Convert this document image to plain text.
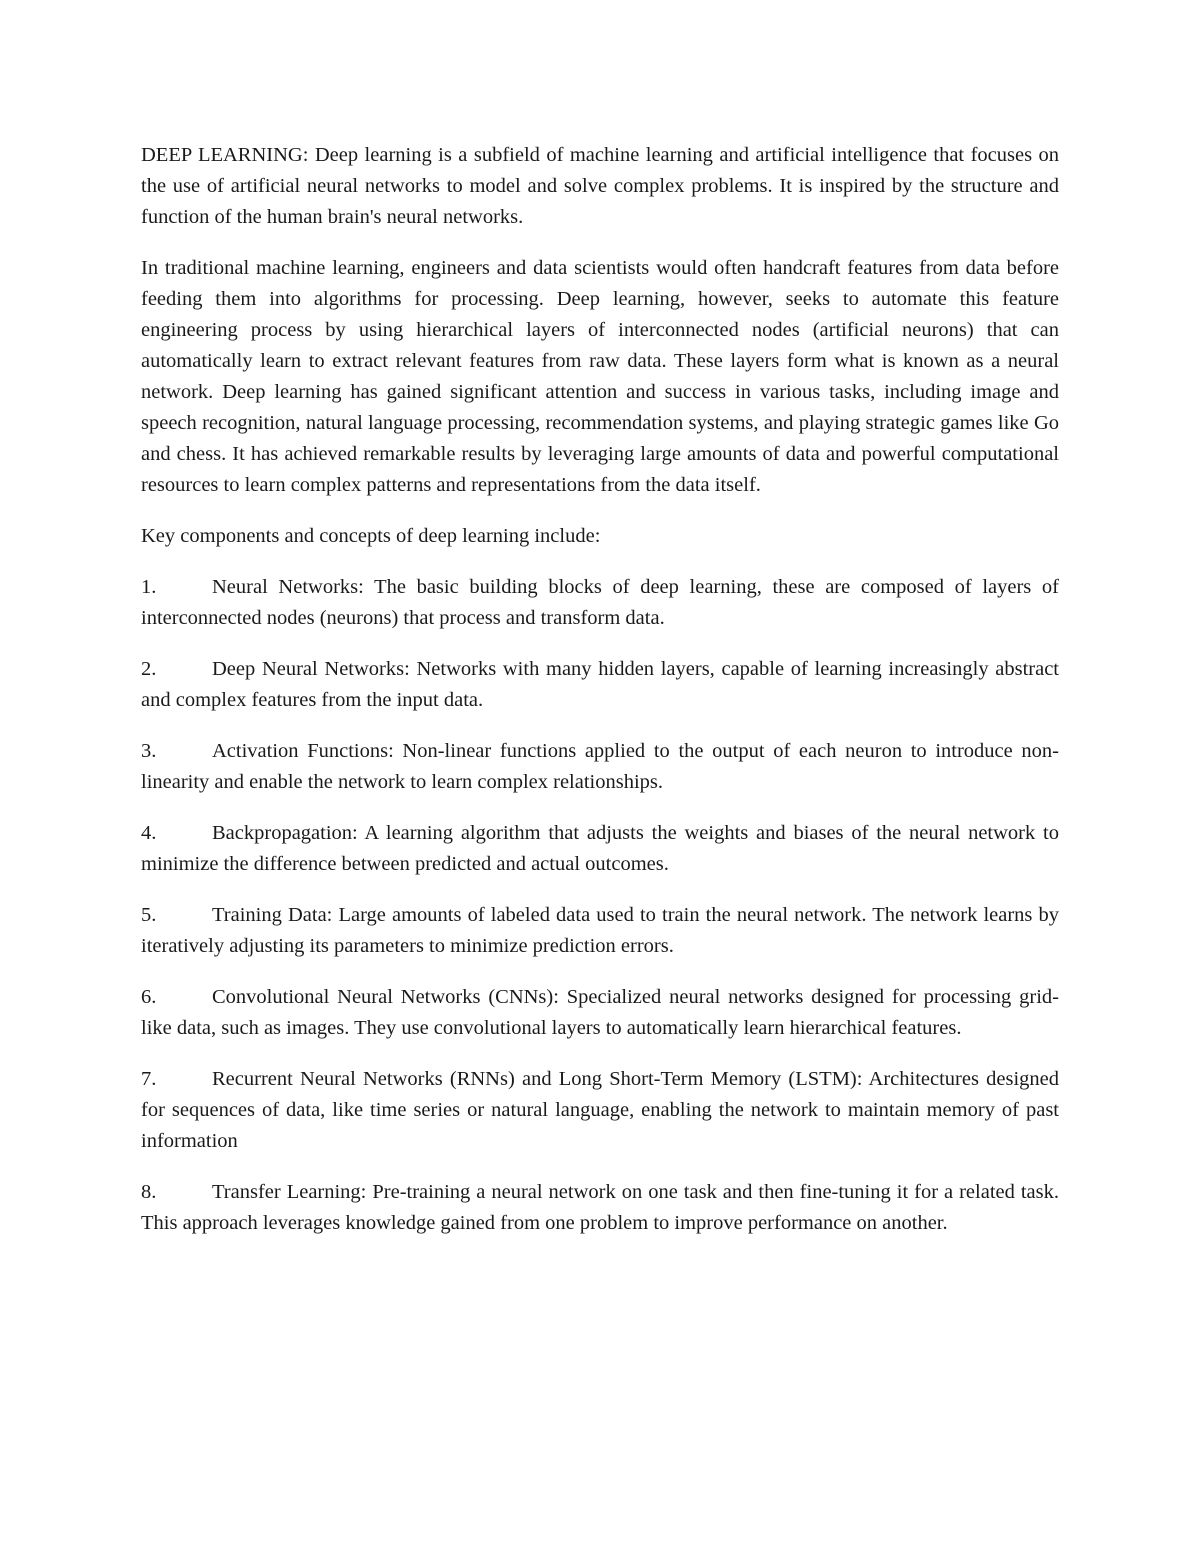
DEEP LEARNING: Deep learning is a subfield of machine learning and artificial intelligence that focuses on the use of artificial neural networks to model and solve complex problems. It is inspired by the structure and function of the human brain's neural networks.

In traditional machine learning, engineers and data scientists would often handcraft features from data before feeding them into algorithms for processing. Deep learning, however, seeks to automate this feature engineering process by using hierarchical layers of interconnected nodes (artificial neurons) that can automatically learn to extract relevant features from raw data. These layers form what is known as a neural network. Deep learning has gained significant attention and success in various tasks, including image and speech recognition, natural language processing, recommendation systems, and playing strategic games like Go and chess. It has achieved remarkable results by leveraging large amounts of data and powerful computational resources to learn complex patterns and representations from the data itself.

Key components and concepts of deep learning include:

1.	Neural Networks: The basic building blocks of deep learning, these are composed of layers of interconnected nodes (neurons) that process and transform data.
2.	Deep Neural Networks: Networks with many hidden layers, capable of learning increasingly abstract and complex features from the input data.
3.	Activation Functions: Non-linear functions applied to the output of each neuron to introduce non-linearity and enable the network to learn complex relationships.
4.	Backpropagation: A learning algorithm that adjusts the weights and biases of the neural network to minimize the difference between predicted and actual outcomes.
5.	Training Data: Large amounts of labeled data used to train the neural network. The network learns by iteratively adjusting its parameters to minimize prediction errors.
6.	Convolutional Neural Networks (CNNs): Specialized neural networks designed for processing grid-like data, such as images. They use convolutional layers to automatically learn hierarchical features.
7.	Recurrent Neural Networks (RNNs) and Long Short-Term Memory (LSTM): Architectures designed for sequences of data, like time series or natural language, enabling the network to maintain memory of past information
8.	Transfer Learning: Pre-training a neural network on one task and then fine-tuning it for a related task. This approach leverages knowledge gained from one problem to improve performance on another.
